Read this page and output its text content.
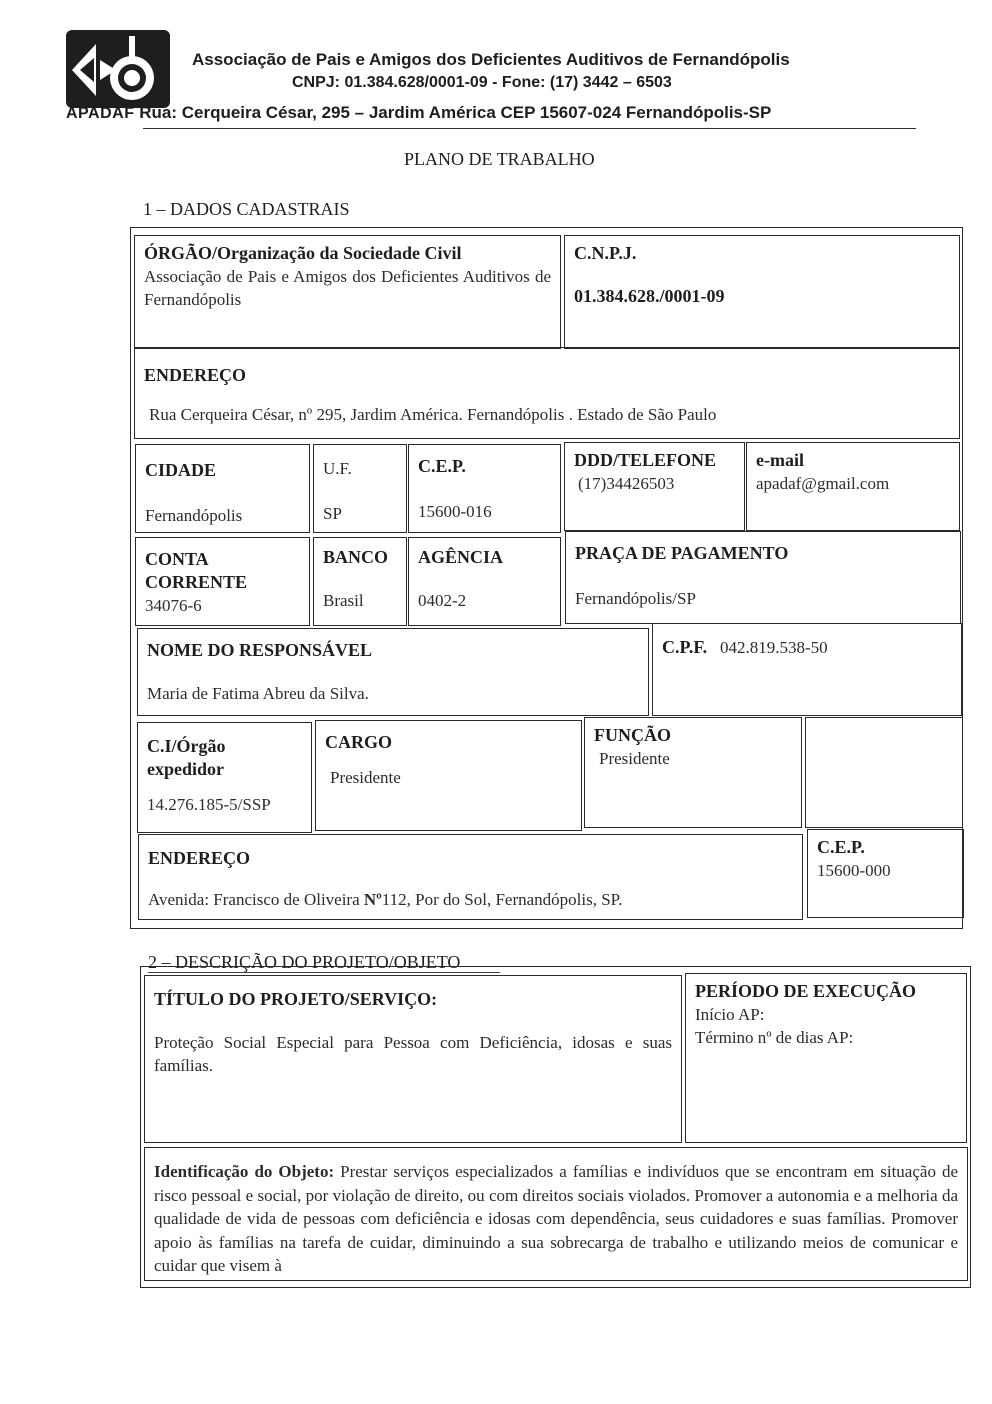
Associação de Pais e Amigos dos Deficientes Auditivos de Fernandópolis
CNPJ: 01.384.628/0001-09 - Fone: (17) 3442 – 6503
APADAF Rua: Cerqueira César, 295 – Jardim América CEP 15607-024 Fernandópolis-SP
PLANO DE TRABALHO
1 – DADOS CADASTRAIS
ÓRGÃO/Organização da Sociedade Civil
Associação de Pais e Amigos dos Deficientes Auditivos de Fernandópolis
C.N.P.J.
01.384.628./0001-09
ENDEREÇO
Rua Cerqueira César, nº 295, Jardim América. Fernandópolis . Estado de São Paulo
CIDADE
Fernandópolis
U.F.
SP
C.E.P.
15600-016
DDD/TELEFONE
(17)34426503
e-mail
apadaf@gmail.com
CONTA CORRENTE
34076-6
BANCO
Brasil
AGÊNCIA
0402-2
PRAÇA DE PAGAMENTO
Fernandópolis/SP
NOME DO RESPONSÁVEL
Maria de Fatima Abreu da Silva.
C.P.F. 042.819.538-50
C.I/Órgão expedidor
14.276.185-5/SSP
CARGO
Presidente
FUNÇÃO
Presidente
ENDEREÇO
Avenida: Francisco de Oliveira Nº112, Por do Sol, Fernandópolis, SP.
C.E.P.
15600-000
2 – DESCRIÇÃO DO PROJETO/OBJETO
TÍTULO DO PROJETO/SERVIÇO:
Proteção Social Especial para Pessoa com Deficiência, idosas e suas famílias.
PERÍODO DE EXECUÇÃO
Início AP:
Término nº de dias AP:
Identificação do Objeto: Prestar serviços especializados a famílias e indivíduos que se encontram em situação de risco pessoal e social, por violação de direito, ou com direitos sociais violados. Promover a autonomia e a melhoria da qualidade de vida de pessoas com deficiência e idosas com dependência, seus cuidadores e suas famílias. Promover apoio às famílias na tarefa de cuidar, diminuindo a sua sobrecarga de trabalho e utilizando meios de comunicar e cuidar que visem à
